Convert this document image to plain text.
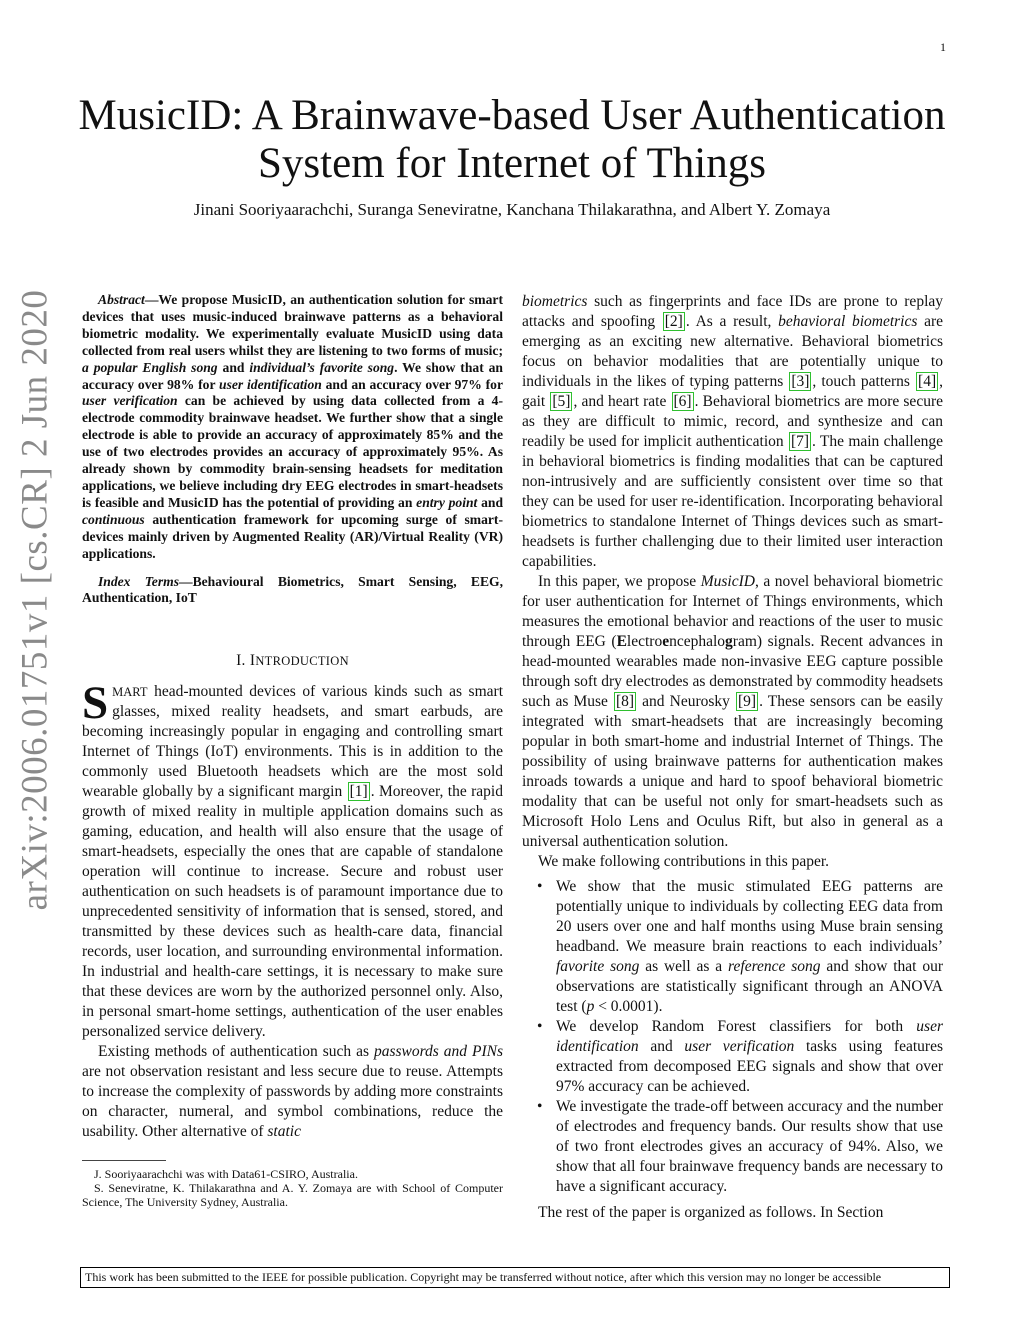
1
arXiv:2006.01751v1 [cs.CR] 2 Jun 2020
MusicID: A Brainwave-based User Authentication
System for Internet of Things
Jinani Sooriyaarachchi, Suranga Seneviratne, Kanchana Thilakarathna, and Albert Y. Zomaya

Abstract—We propose MusicID, an authentication solution for smart devices that uses music-induced brainwave patterns as a behavioral biometric modality. We experimentally evaluate MusicID using data collected from real users whilst they are listening to two forms of music; a popular English song and individual’s favorite song. We show that an accuracy over 98% for user identification and an accuracy over 97% for user verification can be achieved by using data collected from a 4-electrode commodity brainwave headset. We further show that a single electrode is able to provide an accuracy of approximately 85% and the use of two electrodes provides an accuracy of approximately 95%. As already shown by commodity brain-sensing headsets for meditation applications, we believe including dry EEG electrodes in smart-headsets is feasible and MusicID has the potential of providing an entry point and continuous authentication framework for upcoming surge of smart-devices mainly driven by Augmented Reality (AR)/Virtual Reality (VR) applications.

Index Terms—Behavioural Biometrics, Smart Sensing, EEG, Authentication, IoT

I. INTRODUCTION

SMART head-mounted devices of various kinds such as smart glasses, mixed reality headsets, and smart earbuds, are becoming increasingly popular in engaging and controlling smart Internet of Things (IoT) environments. This is in addition to the commonly used Bluetooth headsets which are the most sold wearable globally by a significant margin [1] . Moreover, the rapid growth of mixed reality in multiple application domains such as gaming, education, and health will also ensure that the usage of smart-headsets, especially the ones that are capable of standalone operation will continue to increase. Secure and robust user authentication on such headsets is of paramount importance due to unprecedented sensitivity of information that is sensed, stored, and transmitted by these devices such as health-care data, financial records, user location, and surrounding environmental information. In industrial and health-care settings, it is necessary to make sure that these devices are worn by the authorized personnel only. Also, in personal smart-home settings, authentication of the user enables personalized service delivery.

Existing methods of authentication such as passwords and PINs are not observation resistant and less secure due to reuse. Attempts to increase the complexity of passwords by adding more constraints on character, numeral, and symbol combinations, reduce the usability. Other alternative of static

J. Sooriyaarachchi was with Data61-CSIRO, Australia.

S. Seneviratne, K. Thilakarathna and A. Y. Zomaya are with School of Computer Science, The University Sydney, Australia.

biometrics such as fingerprints and face IDs are prone to replay attacks and spoofing [2] . As a result, behavioral biometrics are emerging as an exciting new alternative. Behavioral biometrics focus on behavior modalities that are potentially unique to individuals in the likes of typing patterns [3] , touch patterns [4] , gait [5] , and heart rate [6] . Behavioral biometrics are more secure as they are difficult to mimic, record, and synthesize and can readily be used for implicit authentication [7] . The main challenge in behavioral biometrics is finding modalities that can be captured non-intrusively and are sufficiently consistent over time so that they can be used for user re-identification. Incorporating behavioral biometrics to standalone Internet of Things devices such as smart-headsets is further challenging due to their limited user interaction capabilities.

In this paper, we propose MusicID, a novel behavioral biometric for user authentication for Internet of Things environments, which measures the emotional behavior and reactions of the user to music through EEG (Electroencephalogram) signals. Recent advances in head-mounted wearables made non-invasive EEG capture possible through soft dry electrodes as demonstrated by commodity headsets such as Muse [8] and Neurosky [9] . These sensors can be easily integrated with smart-headsets that are increasingly becoming popular in both smart-home and industrial Internet of Things. The possibility of using brainwave patterns for authentication makes inroads towards a unique and hard to spoof behavioral biometric modality that can be useful not only for smart-headsets such as Microsoft Holo Lens and Oculus Rift, but also in general as a universal authentication solution.

We make following contributions in this paper.

• We show that the music stimulated EEG patterns are potentially unique to individuals by collecting EEG data from 20 users over one and half months using Muse brain sensing headband. We measure brain reactions to each individuals’ favorite song as well as a reference song and show that our observations are statistically significant through an ANOVA test (p < 0.0001).
• We develop Random Forest classifiers for both user identification and user verification tasks using features extracted from decomposed EEG signals and show that over 97% accuracy can be achieved.
• We investigate the trade-off between accuracy and the number of electrodes and frequency bands. Our results show that use of two front electrodes gives an accuracy of 94%. Also, we show that all four brainwave frequency bands are necessary to have a significant accuracy.

The rest of the paper is organized as follows. In Section

This work has been submitted to the IEEE for possible publication. Copyright may be transferred without notice, after which this version may no longer be accessible
